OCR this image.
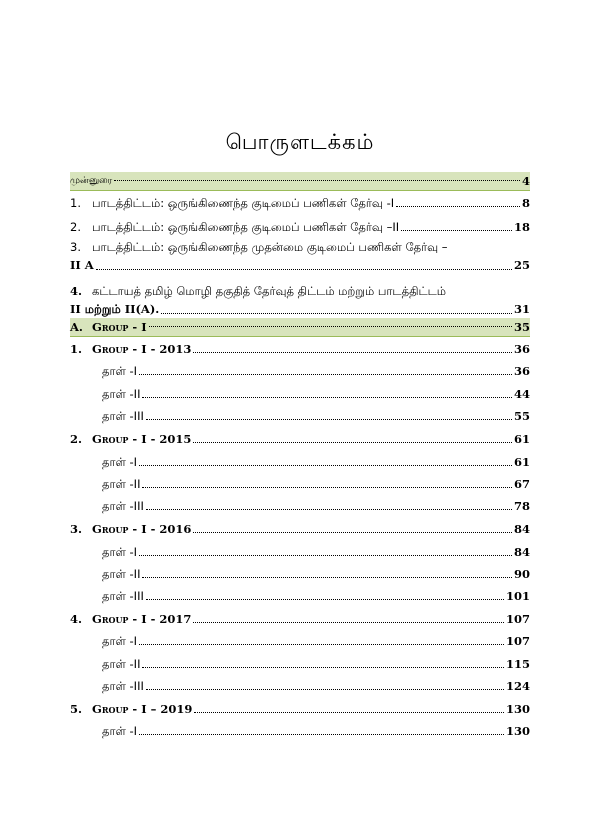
பொருளடக்கம்
முன்னுரை	4
1. பாடத்திட்டம்: ஒருங்கிணைந்த குடிமைப் பணிகள் தேர்வு -I	8
2. பாடத்திட்டம்: ஒருங்கிணைந்த குடிமைப் பணிகள் தேர்வு –II	18
3. பாடத்திட்டம்: ஒருங்கிணைந்த முதன்மை குடிமைப் பணிகள் தேர்வு –
II A	25
4. கட்டாயத் தமிழ் மொழி தகுதித் தேர்வுத் திட்டம் மற்றும் பாடத்திட்டம்
II மற்றும் II(A).	31
A. Group - I	35
1. Group - I - 2013	36
தாள் -I	36
தாள் -II	44
தாள் -III	55
2. Group - I - 2015	61
தாள் -I	61
தாள் -II	67
தாள் -III	78
3. Group - I - 2016	84
தாள் -I	84
தாள் -II	90
தாள் -III	101
4. Group - I - 2017	107
தாள் -I	107
தாள் -II	115
தாள் -III	124
5. Group - I – 2019	130
தாள் -I	130
